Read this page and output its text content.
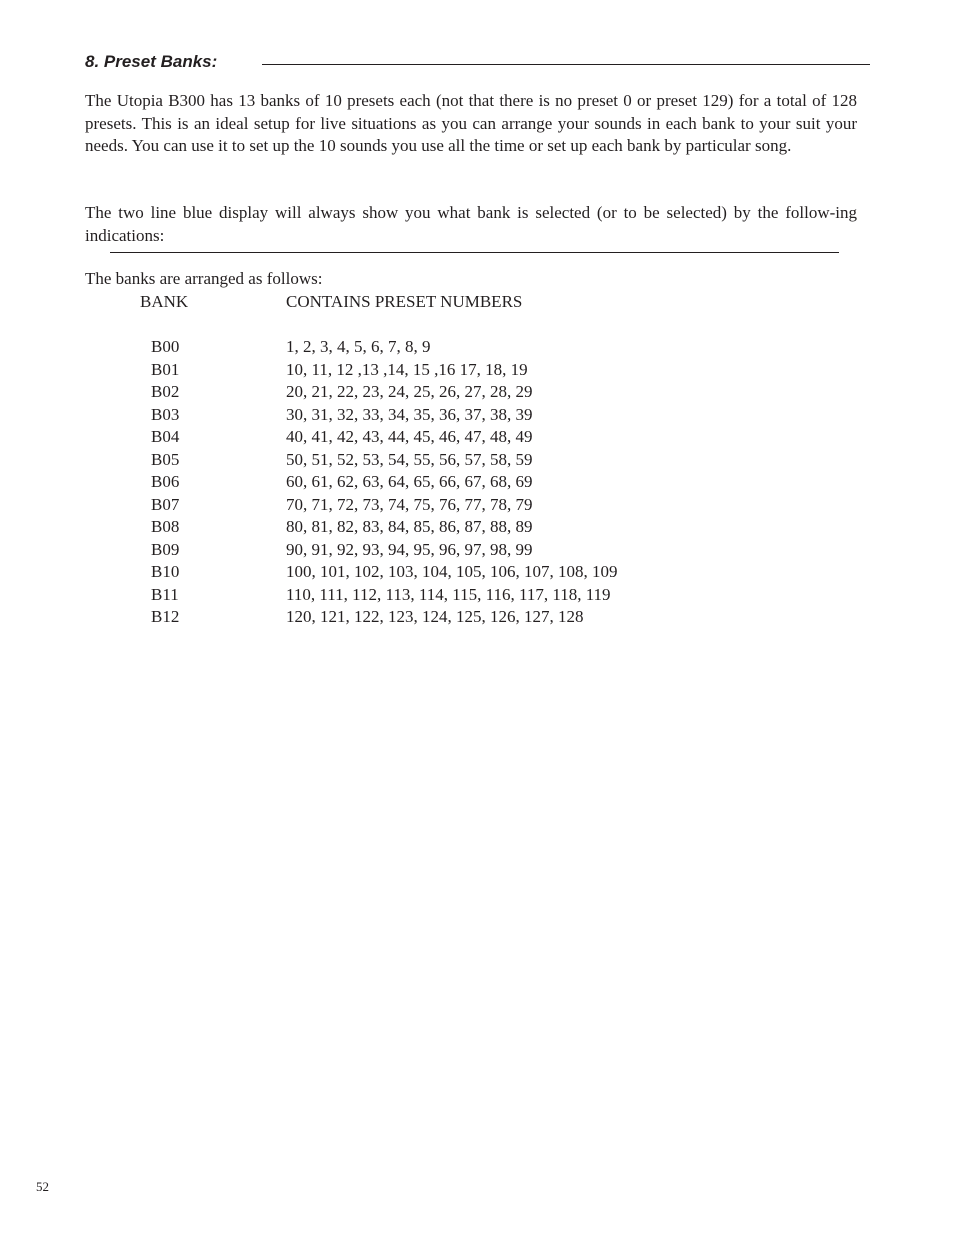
8. Preset Banks:

The Utopia B300 has 13 banks of 10 presets each (not that there is no preset 0 or preset 129) for a total of 128 presets. This is an ideal setup for live situations as you can arrange your sounds in each bank to your suit your needs. You can use it to set up the 10 sounds you use all the time or set up each bank by particular song.

The two line blue display will always show you what bank is selected (or to be selected) by the follow-ing indications:

The banks are arranged as follows:

BANK	CONTAINS PRESET NUMBERS
B00	1, 2, 3, 4, 5, 6, 7, 8, 9
B01	10, 11, 12 ,13 ,14, 15 ,16 17, 18, 19
B02	20, 21, 22, 23, 24, 25, 26, 27, 28, 29
B03	30, 31, 32, 33, 34, 35, 36, 37, 38, 39
B04	40, 41, 42, 43, 44, 45, 46, 47, 48, 49
B05	50, 51, 52, 53, 54, 55, 56, 57, 58, 59
B06	60, 61, 62, 63, 64, 65, 66, 67, 68, 69
B07	70, 71, 72, 73, 74, 75, 76, 77, 78, 79
B08	80, 81, 82, 83, 84, 85, 86, 87, 88, 89
B09	90, 91, 92, 93, 94, 95, 96, 97, 98, 99
B10	100, 101, 102, 103, 104, 105, 106, 107, 108, 109
B11	110, 111, 112, 113, 114, 115, 116, 117, 118, 119
B12	120, 121, 122, 123, 124, 125, 126, 127, 128
52
